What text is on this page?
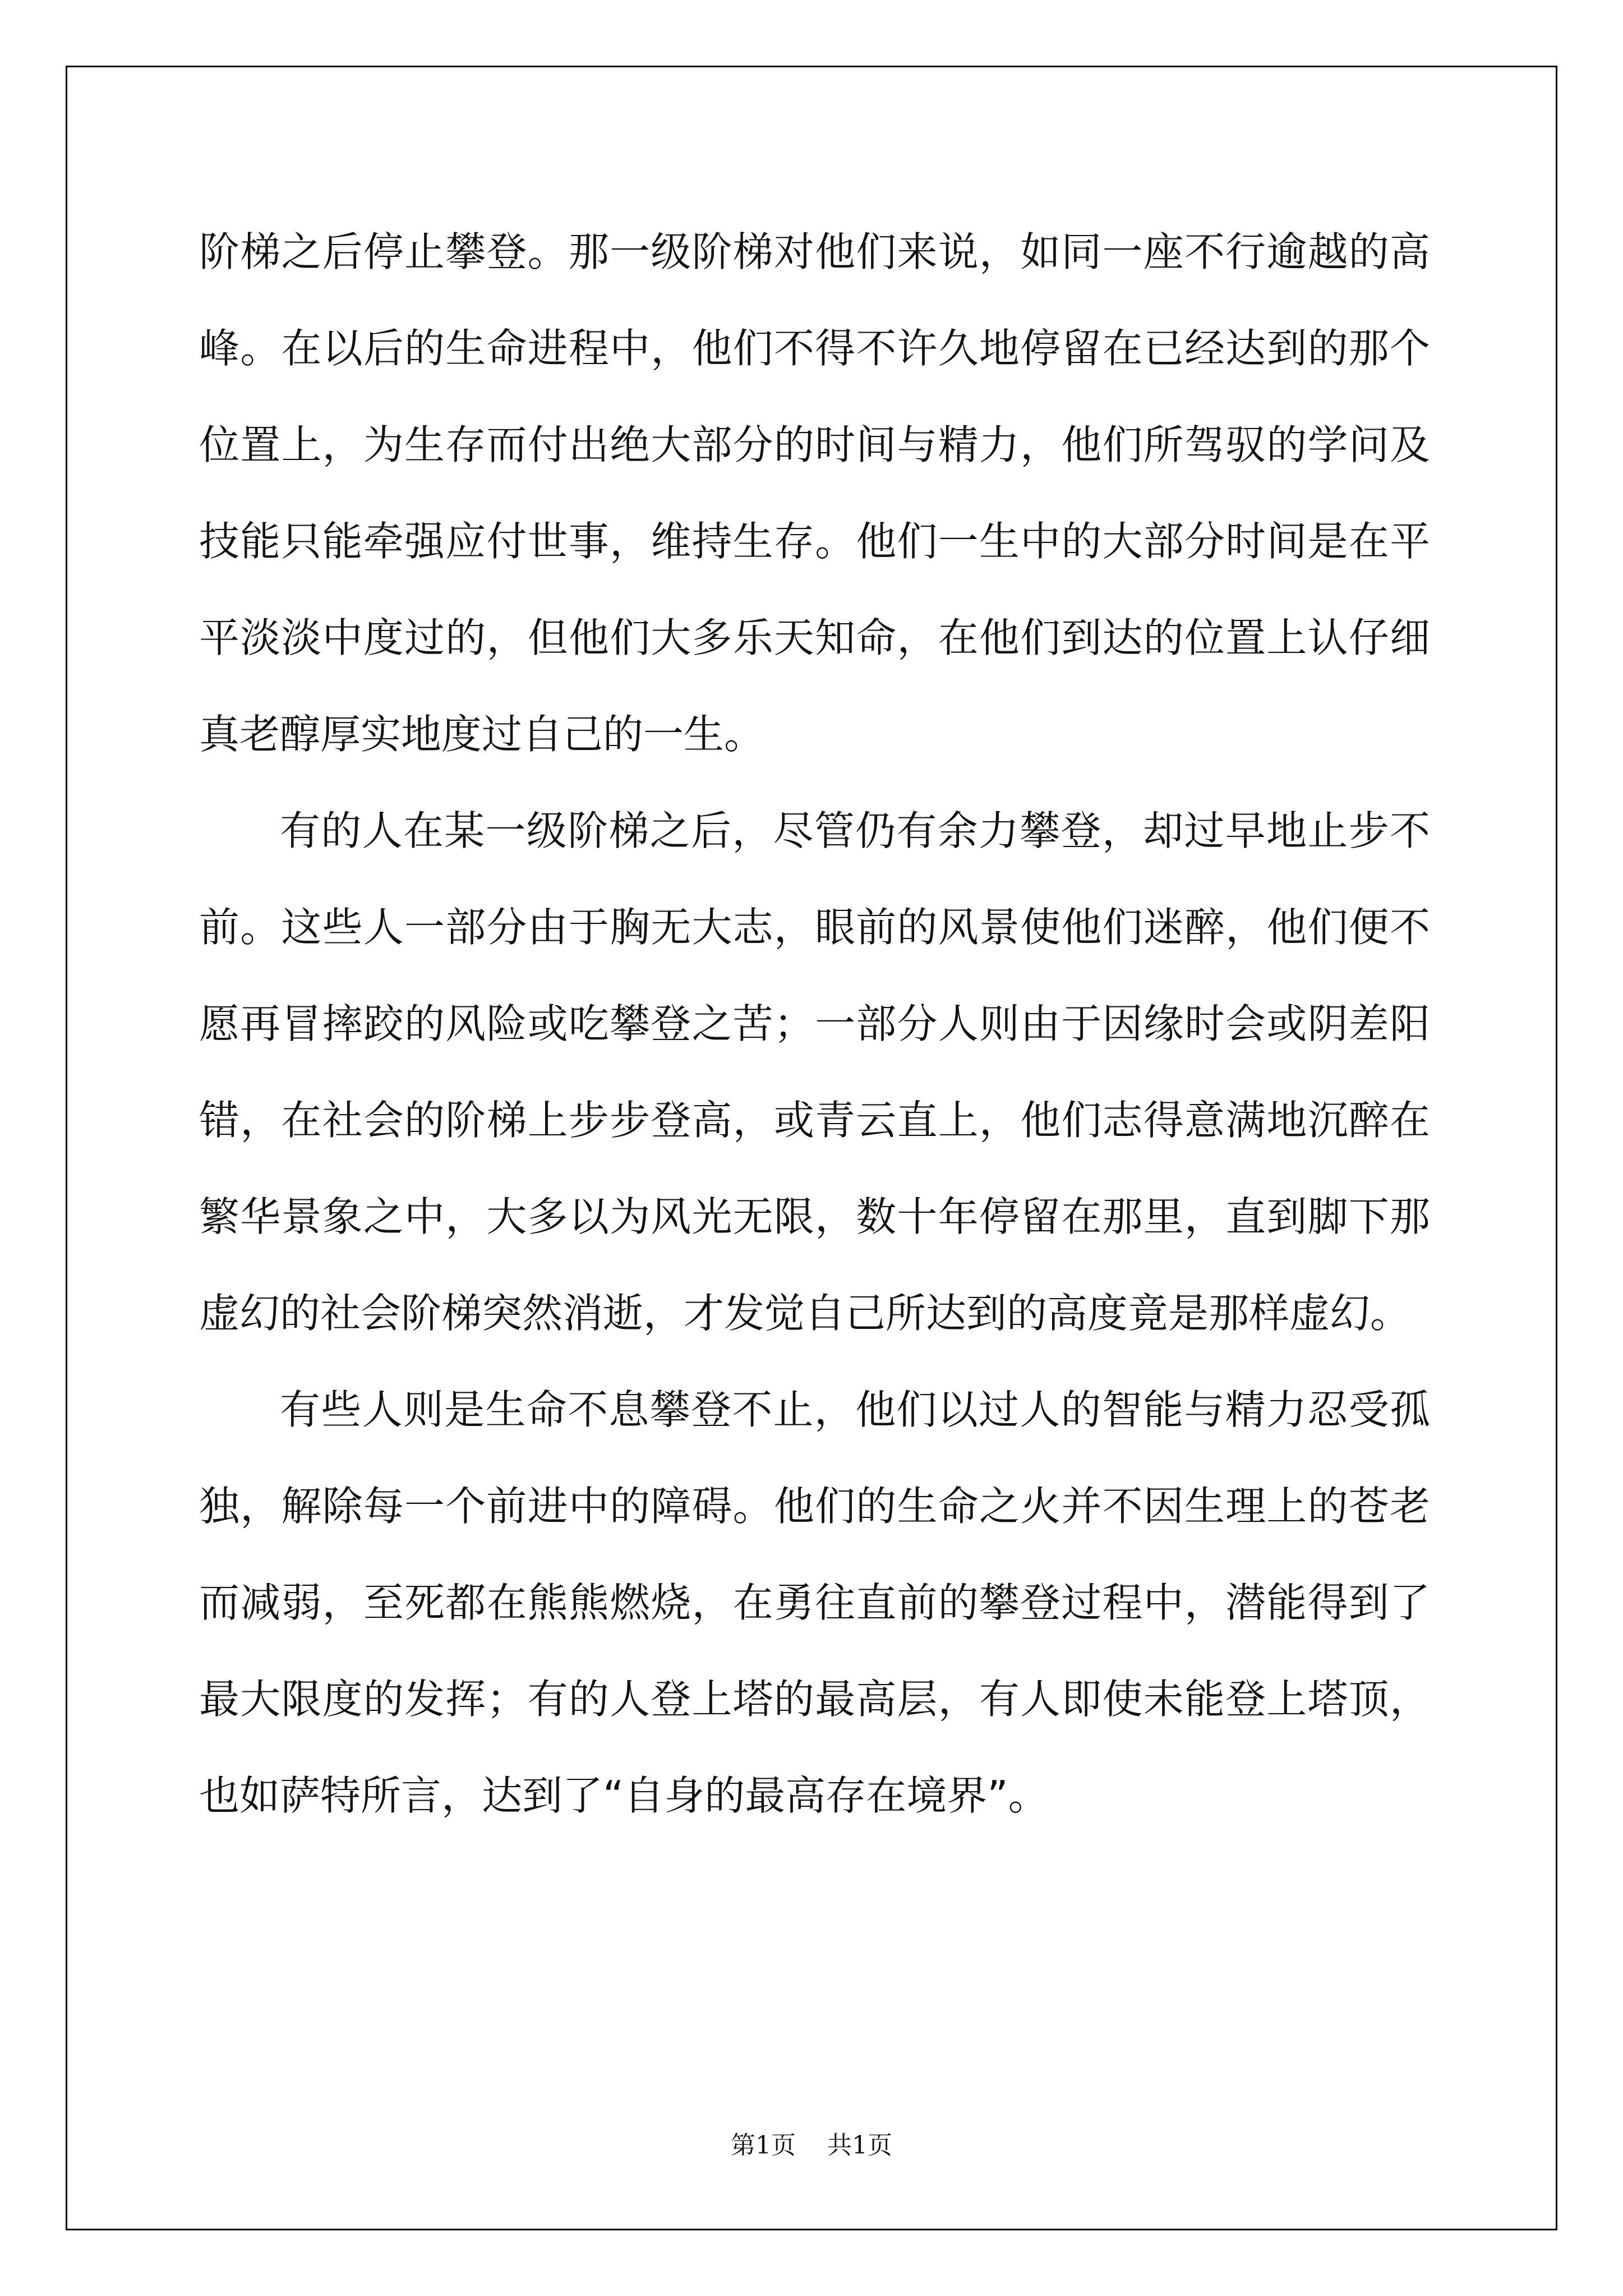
阶梯之后停止攀登。那一级阶梯对他们来说，如同一座不行逾越的高峰。在以后的生命进程中，他们不得不许久地停留在已经达到的那个位置上，为生存而付出绝大部分的时间与精力，他们所驾驭的学问及技能只能牵强应付世事，维持生存。他们一生中的大部分时间是在平平淡淡中度过的，但他们大多乐天知命，在他们到达的位置上认仔细真老醇厚实地度过自己的一生。

有的人在某一级阶梯之后，尽管仍有余力攀登，却过早地止步不前。这些人一部分由于胸无大志，眼前的风景使他们迷醉，他们便不愿再冒摔跤的风险或吃攀登之苦；一部分人则由于因缘时会或阴差阳错，在社会的阶梯上步步登高，或青云直上，他们志得意满地沉醉在繁华景象之中，大多以为风光无限，数十年停留在那里，直到脚下那虚幻的社会阶梯突然消逝，才发觉自己所达到的高度竟是那样虚幻。

有些人则是生命不息攀登不止，他们以过人的智能与精力忍受孤独，解除每一个前进中的障碍。他们的生命之火并不因生理上的苍老而减弱，至死都在熊熊燃烧，在勇往直前的攀登过程中，潜能得到了最大限度的发挥；有的人登上塔的最高层，有人即使未能登上塔顶，也如萨特所言，达到了“自身的最高存在境界”。

第1页 共1页
